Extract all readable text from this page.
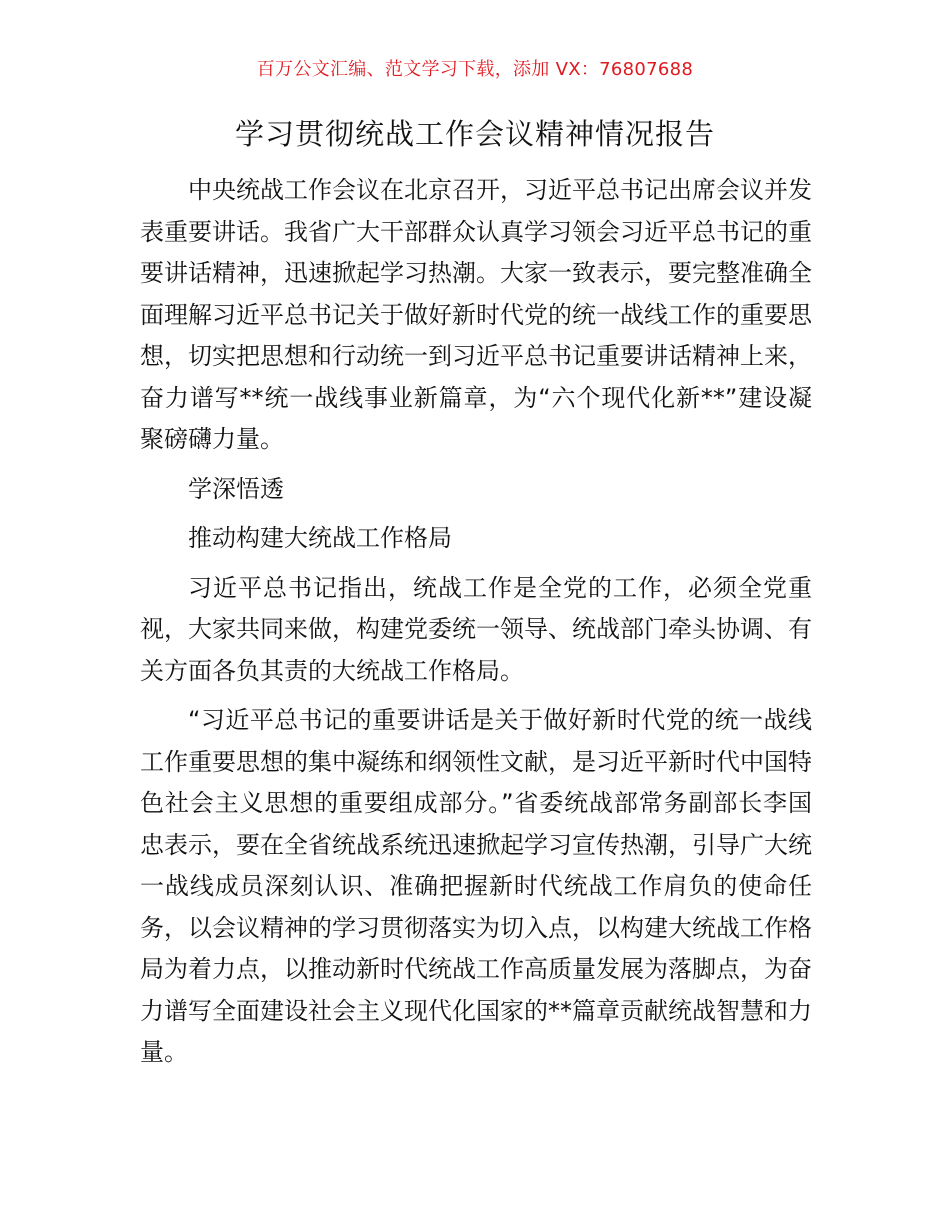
百万公文汇编、范文学习下载，添加 VX：76807688
学习贯彻统战工作会议精神情况报告

中央统战工作会议在北京召开，习近平总书记出席会议并发表重要讲话。我省广大干部群众认真学习领会习近平总书记的重要讲话精神，迅速掀起学习热潮。大家一致表示，要完整准确全面理解习近平总书记关于做好新时代党的统一战线工作的重要思想，切实把思想和行动统一到习近平总书记重要讲话精神上来，奋力谱写**统一战线事业新篇章，为“六个现代化新**”建设凝聚磅礴力量。

学深悟透

推动构建大统战工作格局

习近平总书记指出，统战工作是全党的工作，必须全党重视，大家共同来做，构建党委统一领导、统战部门牵头协调、有关方面各负其责的大统战工作格局。

“习近平总书记的重要讲话是关于做好新时代党的统一战线工作重要思想的集中凝练和纲领性文献，是习近平新时代中国特色社会主义思想的重要组成部分。”省委统战部常务副部长李国忠表示，要在全省统战系统迅速掀起学习宣传热潮，引导广大统一战线成员深刻认识、准确把握新时代统战工作肩负的使命任务，以会议精神的学习贯彻落实为切入点，以构建大统战工作格局为着力点，以推动新时代统战工作高质量发展为落脚点，为奋力谱写全面建设社会主义现代化国家的**篇章贡献统战智慧和力量。
